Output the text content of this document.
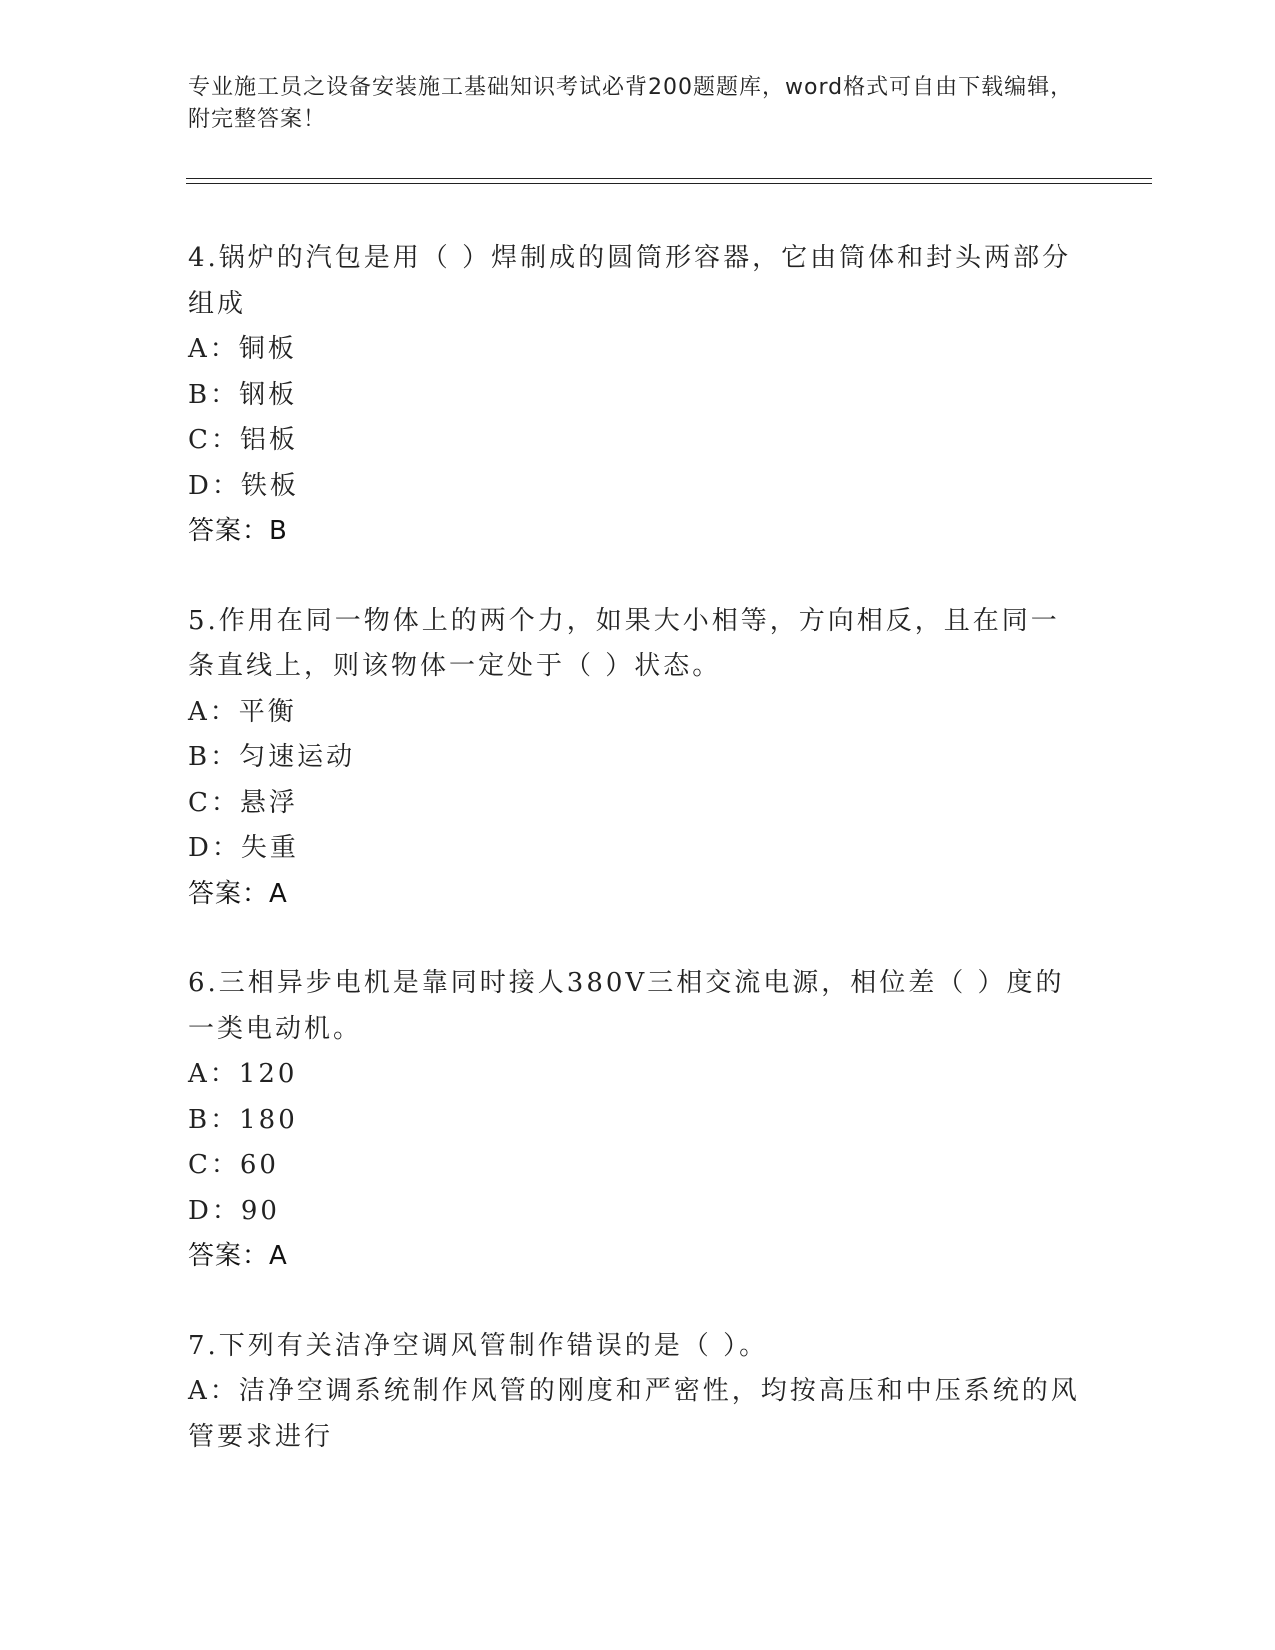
专业施工员之设备安装施工基础知识考试必背200题题库，word格式可自由下载编辑，附完整答案！
4.锅炉的汽包是用（ ）焊制成的圆筒形容器，它由筒体和封头两部分组成
A：铜板
B：钢板
C：铝板
D：铁板
答案：B
5.作用在同一物体上的两个力，如果大小相等，方向相反，且在同一条直线上，则该物体一定处于（ ）状态。
A：平衡
B：匀速运动
C：悬浮
D：失重
答案：A
6.三相异步电机是靠同时接人380V三相交流电源，相位差（ ）度的一类电动机。
A：120
B：180
C：60
D：90
答案：A
7.下列有关洁净空调风管制作错误的是（ ）。
A：洁净空调系统制作风管的刚度和严密性，均按高压和中压系统的风管要求进行
